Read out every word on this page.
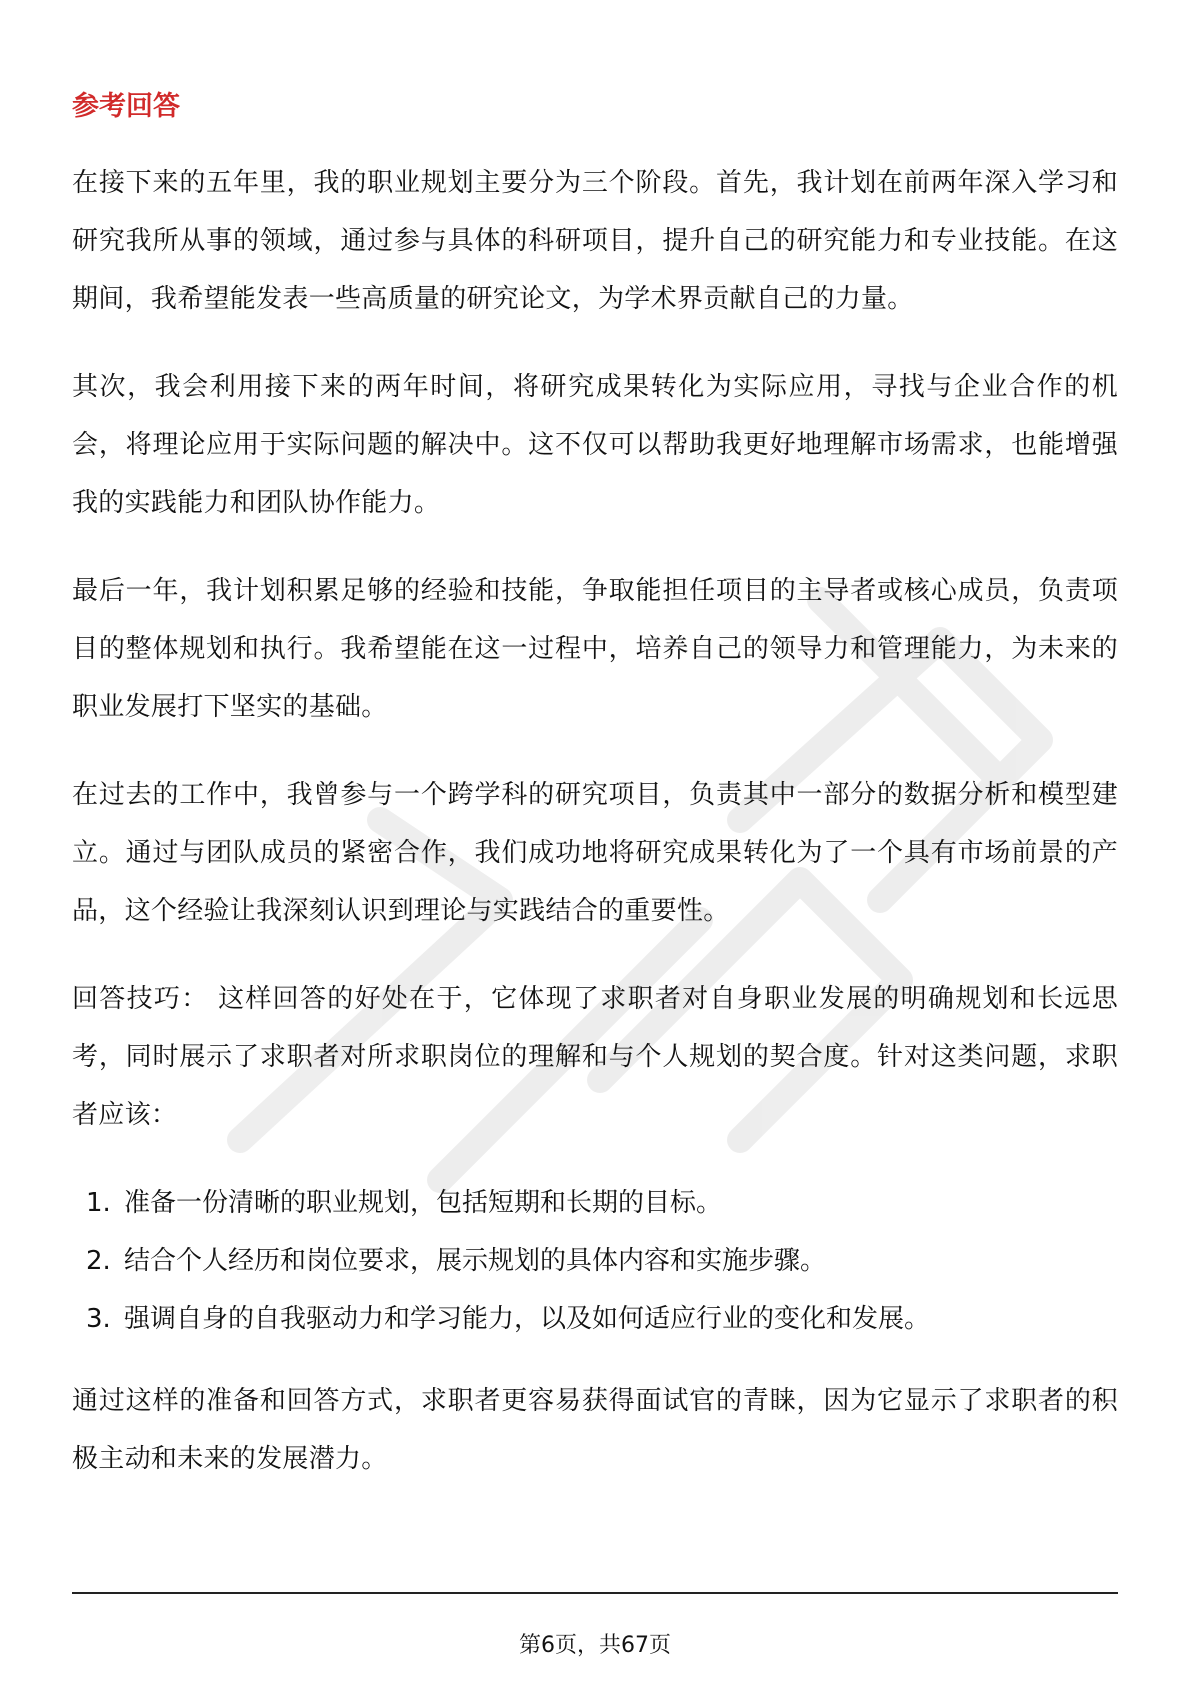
参考回答

在接下来的五年里，我的职业规划主要分为三个阶段。首先，我计划在前两年深入学习和研究我所从事的领域，通过参与具体的科研项目，提升自己的研究能力和专业技能。在这期间，我希望能发表一些高质量的研究论文，为学术界贡献自己的力量。

其次，我会利用接下来的两年时间，将研究成果转化为实际应用，寻找与企业合作的机会，将理论应用于实际问题的解决中。这不仅可以帮助我更好地理解市场需求，也能增强我的实践能力和团队协作能力。

最后一年，我计划积累足够的经验和技能，争取能担任项目的主导者或核心成员，负责项目的整体规划和执行。我希望能在这一过程中，培养自己的领导力和管理能力，为未来的职业发展打下坚实的基础。

在过去的工作中，我曾参与一个跨学科的研究项目，负责其中一部分的数据分析和模型建立。通过与团队成员的紧密合作，我们成功地将研究成果转化为了一个具有市场前景的产品，这个经验让我深刻认识到理论与实践结合的重要性。

回答技巧： 这样回答的好处在于，它体现了求职者对自身职业发展的明确规划和长远思考，同时展示了求职者对所求职岗位的理解和与个人规划的契合度。针对这类问题，求职者应该：

1. 准备一份清晰的职业规划，包括短期和长期的目标。
2. 结合个人经历和岗位要求，展示规划的具体内容和实施步骤。
3. 强调自身的自我驱动力和学习能力，以及如何适应行业的变化和发展。

通过这样的准备和回答方式，求职者更容易获得面试官的青睐，因为它显示了求职者的积极主动和未来的发展潜力。

第6页，共67页
